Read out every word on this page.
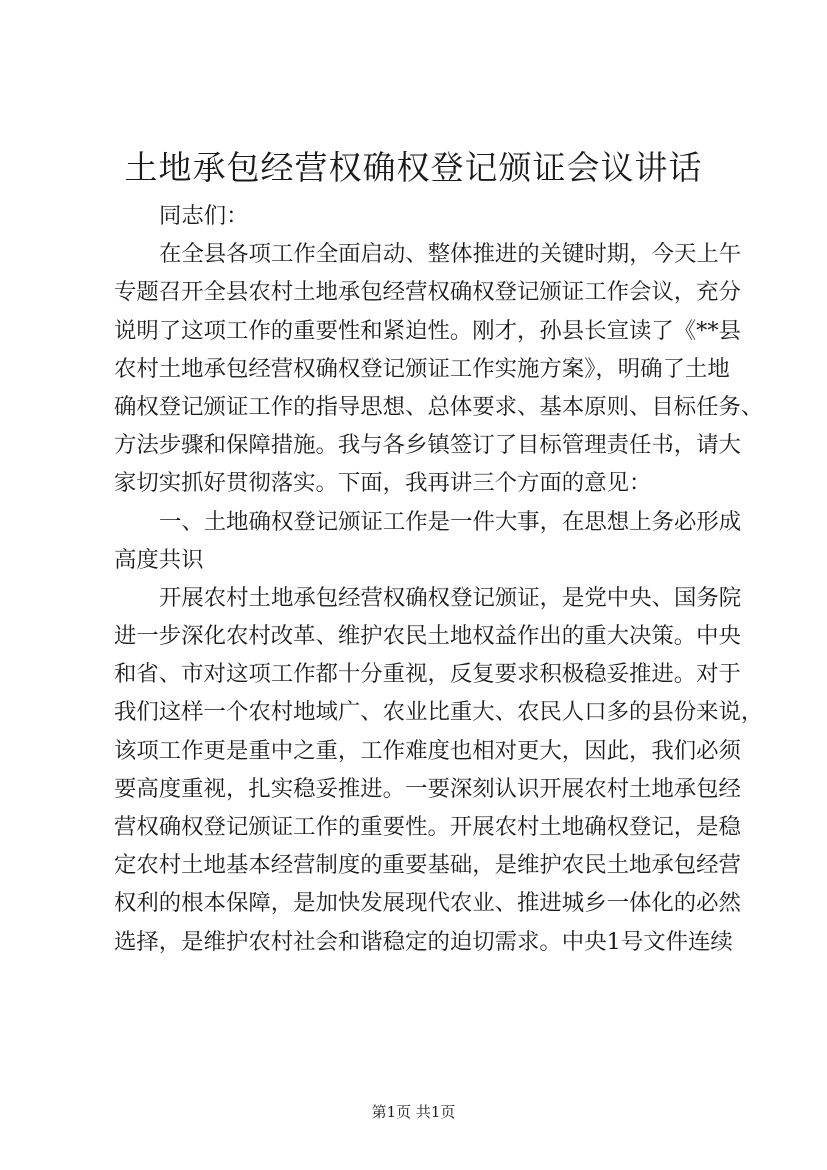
土地承包经营权确权登记颁证会议讲话
同志们：
在全县各项工作全面启动、整体推进的关键时期，今天上午
专题召开全县农村土地承包经营权确权登记颁证工作会议，充分
说明了这项工作的重要性和紧迫性。刚才，孙县长宣读了《**县
农村土地承包经营权确权登记颁证工作实施方案》，明确了土地
确权登记颁证工作的指导思想、总体要求、基本原则、目标任务、
方法步骤和保障措施。我与各乡镇签订了目标管理责任书，请大
家切实抓好贯彻落实。下面，我再讲三个方面的意见：
一、土地确权登记颁证工作是一件大事，在思想上务必形成
高度共识
开展农村土地承包经营权确权登记颁证，是党中央、国务院
进一步深化农村改革、维护农民土地权益作出的重大决策。中央
和省、市对这项工作都十分重视，反复要求积极稳妥推进。对于
我们这样一个农村地域广、农业比重大、农民人口多的县份来说，
该项工作更是重中之重，工作难度也相对更大，因此，我们必须
要高度重视，扎实稳妥推进。一要深刻认识开展农村土地承包经
营权确权登记颁证工作的重要性。开展农村土地确权登记，是稳
定农村土地基本经营制度的重要基础，是维护农民土地承包经营
权利的根本保障，是加快发展现代农业、推进城乡一体化的必然
选择，是维护农村社会和谐稳定的迫切需求。中央1号文件连续
第1页 共1页
